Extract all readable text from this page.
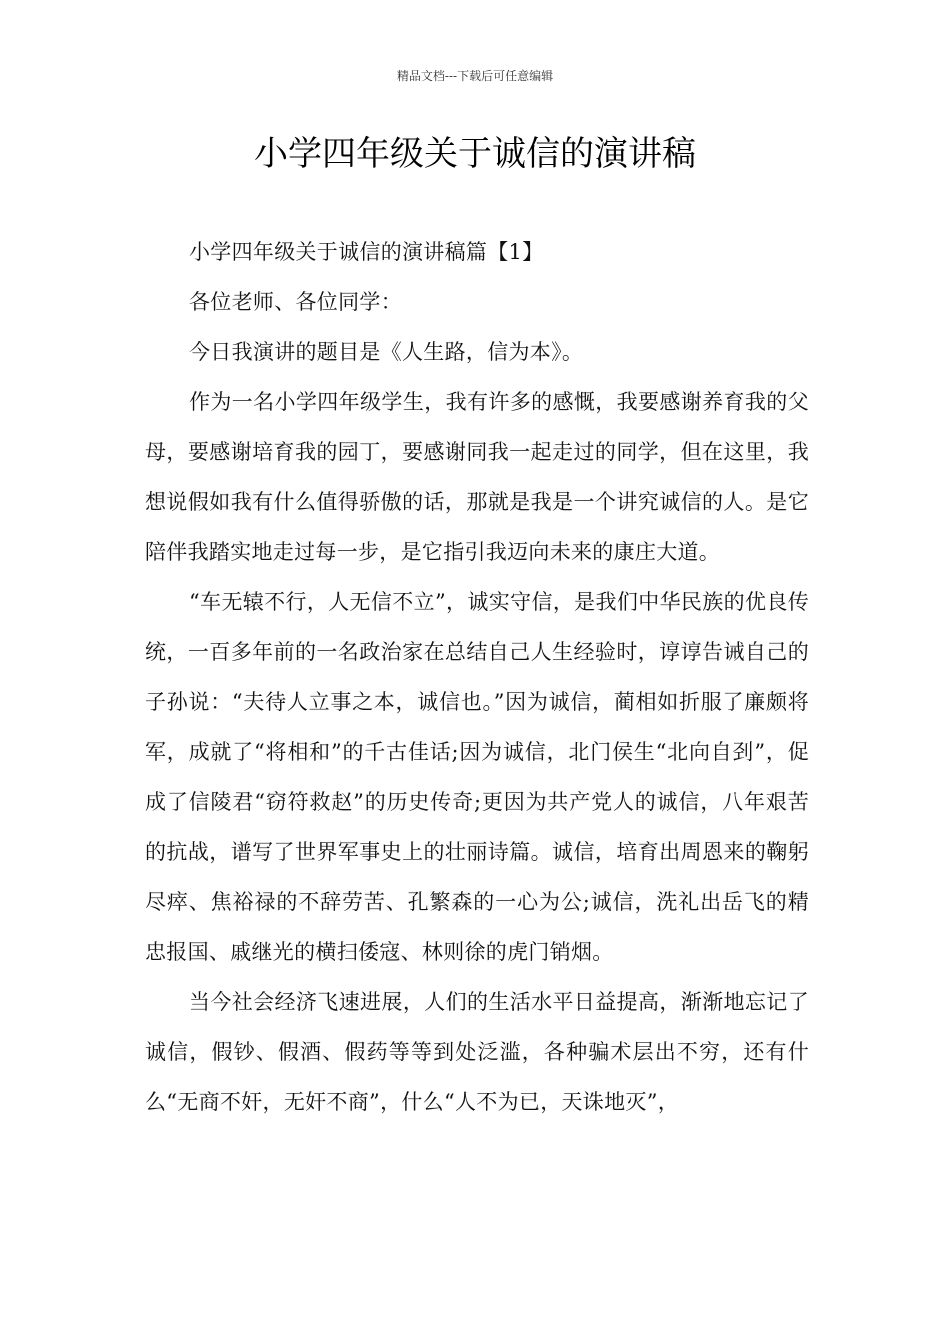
精品文档---下载后可任意编辑
小学四年级关于诚信的演讲稿

小学四年级关于诚信的演讲稿篇【1】

各位老师、各位同学：

今日我演讲的题目是《人生路，信为本》。

作为一名小学四年级学生，我有许多的感慨，我要感谢养育我的父母，要感谢培育我的园丁，要感谢同我一起走过的同学，但在这里，我想说假如我有什么值得骄傲的话，那就是我是一个讲究诚信的人。是它陪伴我踏实地走过每一步，是它指引我迈向未来的康庄大道。

“车无辕不行，人无信不立”，诚实守信，是我们中华民族的优良传统，一百多年前的一名政治家在总结自己人生经验时，谆谆告诫自己的子孙说：“夫待人立事之本，诚信也。”因为诚信，蔺相如折服了廉颇将军，成就了“将相和”的千古佳话;因为诚信，北门侯生“北向自刭”，促成了信陵君“窃符救赵”的历史传奇;更因为共产党人的诚信，八年艰苦的抗战，谱写了世界军事史上的壮丽诗篇。诚信，培育出周恩来的鞠躬尽瘁、焦裕禄的不辞劳苦、孔繁森的一心为公;诚信，洗礼出岳飞的精忠报国、戚继光的横扫倭寇、林则徐的虎门销烟。

当今社会经济飞速进展，人们的生活水平日益提高，渐渐地忘记了诚信，假钞、假酒、假药等等到处泛滥，各种骗术层出不穷，还有什么“无商不奸，无奸不商”，什么“人不为已，天诛地灭”，
